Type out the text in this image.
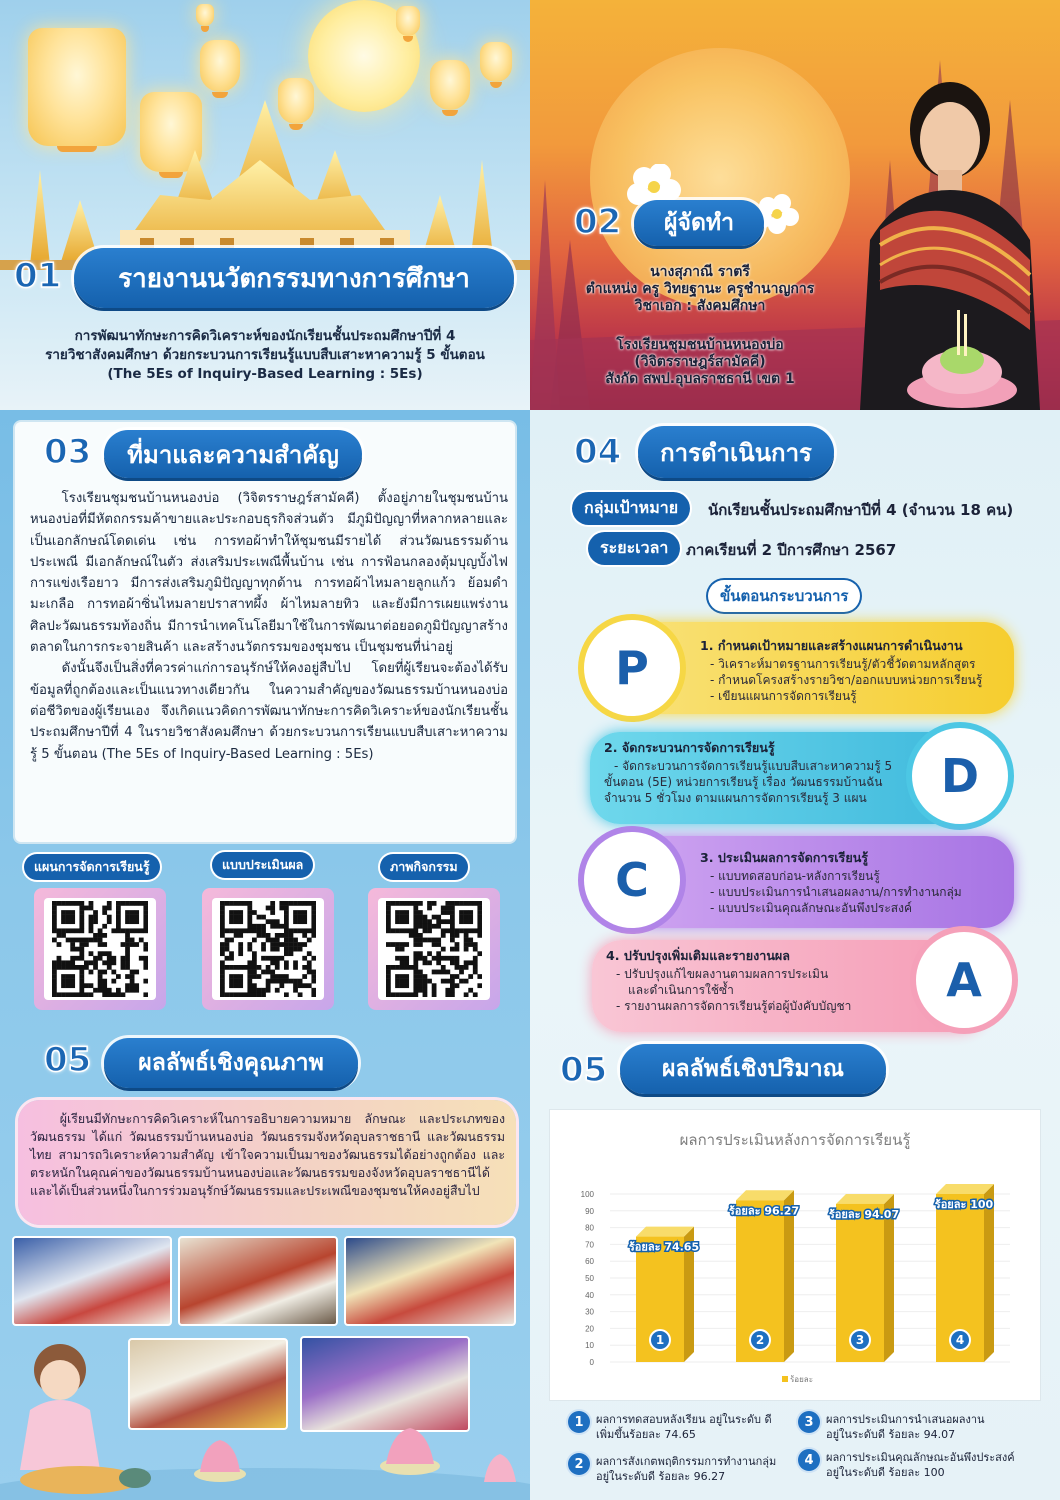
01	รายงานนวัตกรรมทางการศึกษา
การพัฒนาทักษะการคิดวิเคราะห์ของนักเรียนชั้นประถมศึกษาปีที่ 4
รายวิชาสังคมศึกษา ด้วยกระบวนการเรียนรู้แบบสืบเสาะหาความรู้ 5 ขั้นตอน
(The 5Es of Inquiry-Based Learning : 5Es)
02	ผู้จัดทำ
นางสุภาณี ราตรี
ตำแหน่ง ครู วิทยฐานะ ครูชำนาญการ
วิชาเอก : สังคมศึกษา
โรงเรียนชุมชนบ้านหนองบ่อ
(วิจิตรราษฎร์สามัคคี)
สังกัด สพป.อุบลราชธานี เขต 1
03	ที่มาและความสำคัญ

โรงเรียนชุมชนบ้านหนองบ่อ (วิจิตรราษฎร์สามัคคี) ตั้งอยู่ภายในชุมชนบ้านหนองบ่อที่มีหัตถกรรมค้าขายและประกอบธุรกิจส่วนตัว มีภูมิปัญญาที่หลากหลายและเป็นเอกลักษณ์โดดเด่น เช่น การทอผ้าทำให้ชุมชนมีรายได้ ส่วนวัฒนธรรมด้านประเพณี มีเอกลักษณ์ในตัว ส่งเสริมประเพณีพื้นบ้าน เช่น การฟ้อนกลองตุ้มบุญบั้งไฟ การแข่งเรือยาว มีการส่งเสริมภูมิปัญญาทุกด้าน การทอผ้าไหมลายลูกแก้ว ย้อมดำมะเกลือ การทอผ้าซิ่นไหมลายปราสาทผึ้ง ผ้าไหมลายทิว และยังมีการเผยแพร่งานศิลปะวัฒนธรรมท้องถิ่น มีการนำเทคโนโลยีมาใช้ในการพัฒนาต่อยอดภูมิปัญญาสร้างตลาดในการกระจายสินค้า และสร้างนวัตกรรมของชุมชน เป็นชุมชนที่น่าอยู่

ดังนั้นจึงเป็นสิ่งที่ควรค่าแก่การอนุรักษ์ให้คงอยู่สืบไป โดยที่ผู้เรียนจะต้องได้รับข้อมูลที่ถูกต้องและเป็นแนวทางเดียวกัน ในความสำคัญของวัฒนธรรมบ้านหนองบ่อต่อชีวิตของผู้เรียนเอง จึงเกิดแนวคิดการพัฒนาทักษะการคิดวิเคราะห์ของนักเรียนชั้นประถมศึกษาปีที่ 4 ในรายวิชาสังคมศึกษา ด้วยกระบวนการเรียนแบบสืบเสาะหาความรู้ 5 ขั้นตอน (The 5Es of Inquiry-Based Learning : 5Es)

แผนการจัดการเรียนรู้	แบบประเมินผล	ภาพกิจกรรม
05	ผลลัพธ์เชิงคุณภาพ
ผู้เรียนมีทักษะการคิดวิเคราะห์ในการอธิบายความหมาย ลักษณะ และประเภทของวัฒนธรรม ได้แก่ วัฒนธรรมบ้านหนองบ่อ วัฒนธรรมจังหวัดอุบลราชธานี และวัฒนธรรมไทย สามารถวิเคราะห์ความสำคัญ เข้าใจความเป็นมาของวัฒนธรรมได้อย่างถูกต้อง และตระหนักในคุณค่าของวัฒนธรรมบ้านหนองบ่อและวัฒนธรรมของจังหวัดอุบลราชธานีได้ และได้เป็นส่วนหนึ่งในการร่วมอนุรักษ์วัฒนธรรมและประเพณีของชุมชนให้คงอยู่สืบไป
04	การดำเนินการ
กลุ่มเป้าหมาย	นักเรียนชั้นประถมศึกษาปีที่ 4 (จำนวน 18 คน)
ระยะเวลา	ภาคเรียนที่ 2 ปีการศึกษา 2567
ขั้นตอนกระบวนการ
1. กำหนดเป้าหมายและสร้างแผนการดำเนินงาน
- วิเคราะห์มาตรฐานการเรียนรู้/ตัวชี้วัดตามหลักสูตร
- กำหนดโครงสร้างรายวิชา/ออกแบบหน่วยการเรียนรู้
- เขียนแผนการจัดการเรียนรู้
P
2. จัดกระบวนการจัดการเรียนรู้
- จัดกระบวนการจัดการเรียนรู้แบบสืบเสาะหาความรู้ 5
ขั้นตอน (5E) หน่วยการเรียนรู้ เรื่อง วัฒนธรรมบ้านฉัน
จำนวน 5 ชั่วโมง ตามแผนการจัดการเรียนรู้ 3 แผน	D
3. ประเมินผลการจัดการเรียนรู้
- แบบทดสอบก่อน-หลังการเรียนรู้
- แบบประเมินการนำเสนอผลงาน/การทำงานกลุ่ม
- แบบประเมินคุณลักษณะอันพึงประสงค์
C
4. ปรับปรุงเพิ่มเติมและรายงานผล
- ปรับปรุงแก้ไขผลงานตามผลการประเมิน
และดำเนินการใช้ซ้ำ
- รายงานผลการจัดการเรียนรู้ต่อผู้บังคับบัญชา	A
05	ผลลัพธ์เชิงปริมาณ
ผลการประเมินหลังการจัดการเรียนรู้
0
10
20
30
40
50
60
70
80
90
100
ร้อยละ 74.65
1
ร้อยละ 96.27
2
ร้อยละ 94.07
3
ร้อยละ 100
4
ร้อยละ
1	ผลการทดสอบหลังเรียน อยู่ในระดับ ดี
เพิ่มขึ้นร้อยละ 74.65
3	ผลการประเมินการนำเสนอผลงาน
อยู่ในระดับดี ร้อยละ 94.07
2	ผลการสังเกตพฤติกรรมการทำงานกลุ่ม
อยู่ในระดับดี ร้อยละ 96.27
4	ผลการประเมินคุณลักษณะอันพึงประสงค์
อยู่ในระดับดี ร้อยละ 100
